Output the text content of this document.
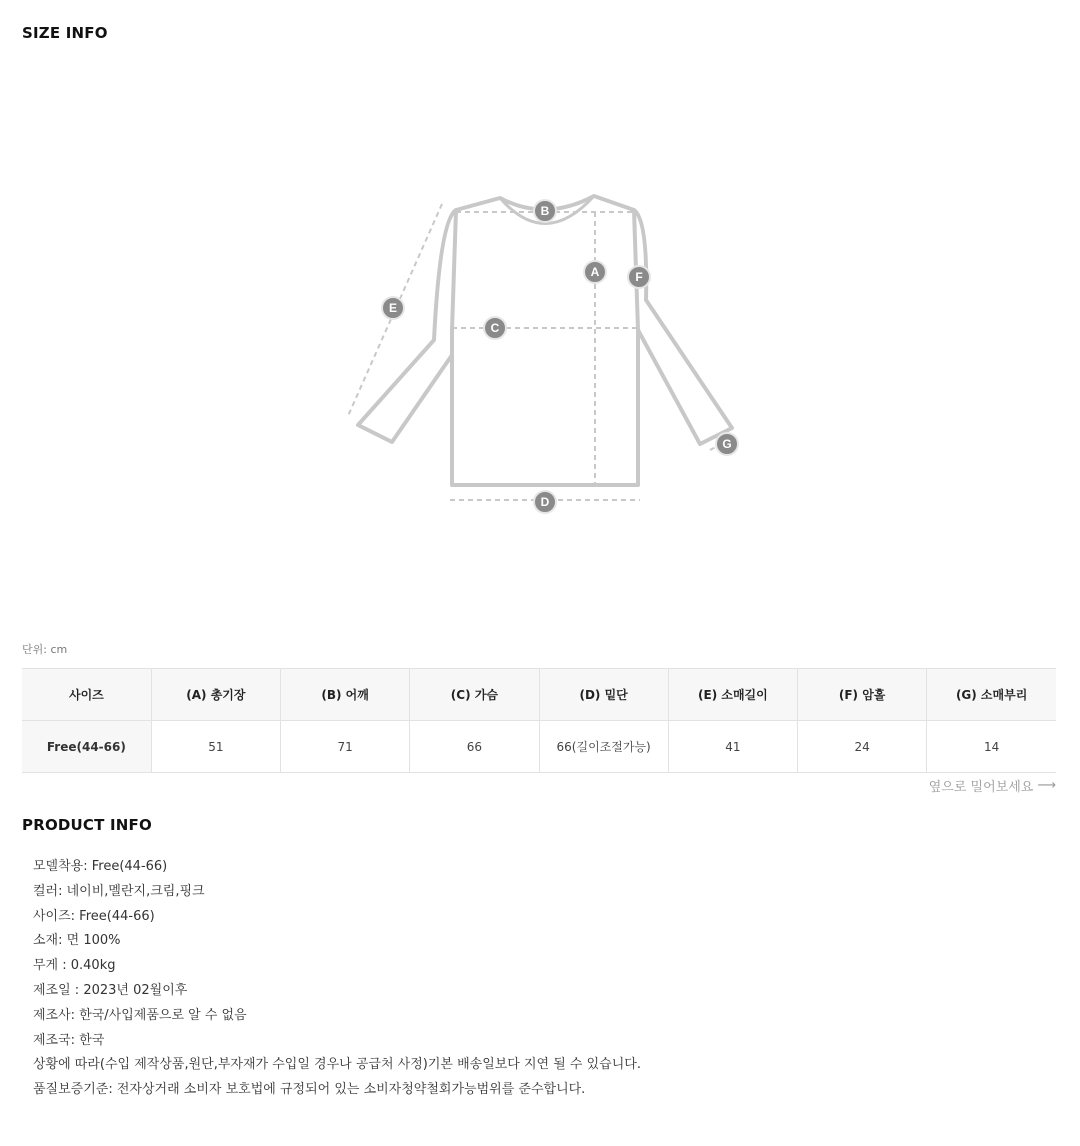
SIZE INFO
B
A	F
E
C
G
D
단위: cm
사이즈	(A) 총기장	(B) 어깨	(C) 가슴	(D) 밑단	(E) 소매길이	(F) 암홀	(G) 소매부리
Free(44-66)	51	71	66	66(길이조절가능)	41	24	14
옆으로 밀어보세요 ⟶
PRODUCT INFO
모델착용: Free(44-66)
컬러: 네이비,멜란지,크림,핑크
사이즈: Free(44-66)
소재: 면 100%
무게 : 0.40kg
제조일 : 2023년 02월이후
제조사: 한국/사입제품으로 알 수 없음
제조국: 한국
상황에 따라(수입 제작상품,원단,부자재가 수입일 경우나 공급처 사정)기본 배송일보다 지연 될 수 있습니다.
품질보증기준: 전자상거래 소비자 보호법에 규정되어 있는 소비자청약철회가능범위를 준수합니다.
